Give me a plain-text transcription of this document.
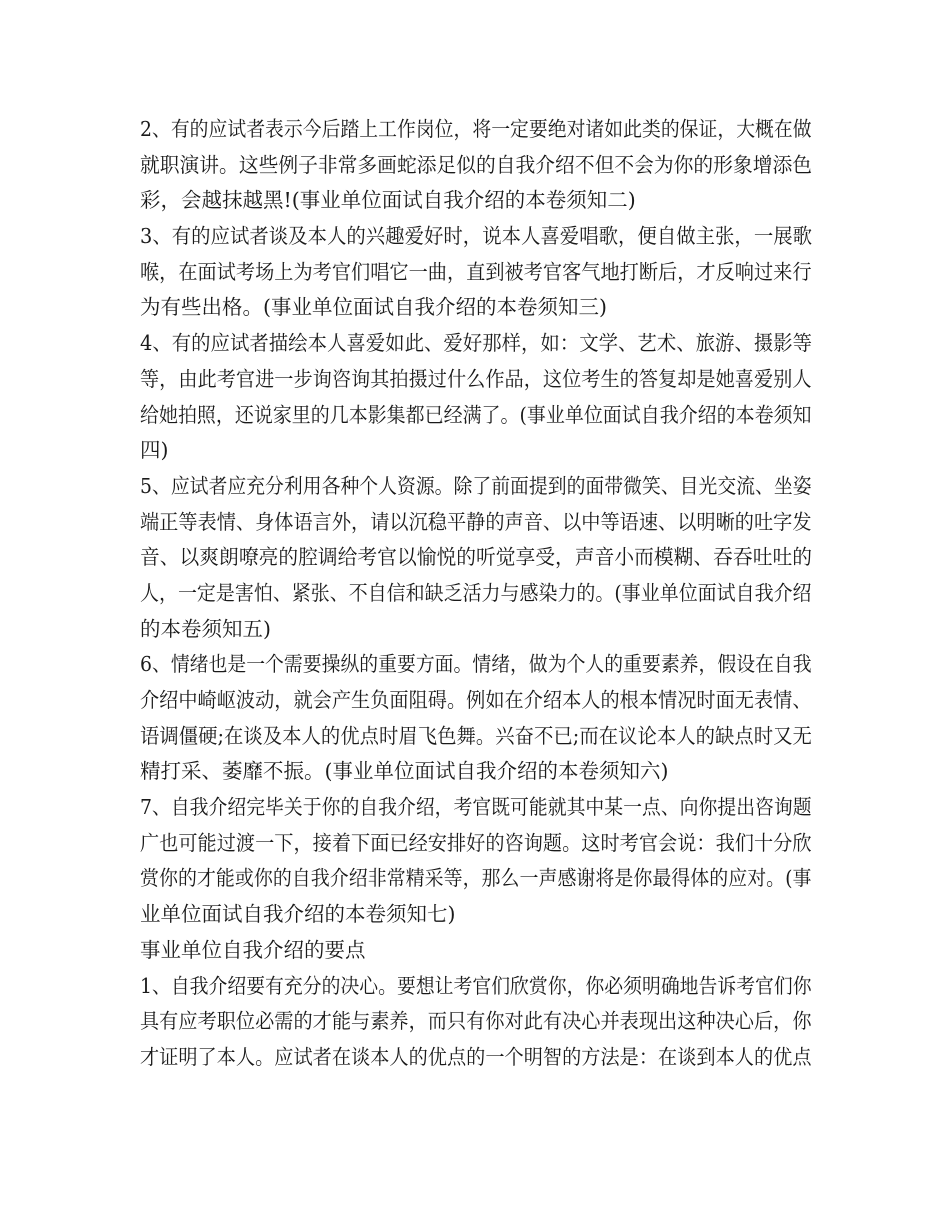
2、有的应试者表示今后踏上工作岗位，将一定要绝对诸如此类的保证，大概在做
就职演讲。这些例子非常多画蛇添足似的自我介绍不但不会为你的形象增添色
彩，会越抹越黑!(事业单位面试自我介绍的本卷须知二)
3、有的应试者谈及本人的兴趣爱好时，说本人喜爱唱歌，便自做主张，一展歌
喉，在面试考场上为考官们唱它一曲，直到被考官客气地打断后，才反响过来行
为有些出格。(事业单位面试自我介绍的本卷须知三)
4、有的应试者描绘本人喜爱如此、爱好那样，如：文学、艺术、旅游、摄影等
等，由此考官进一步询咨询其拍摄过什么作品，这位考生的答复却是她喜爱别人
给她拍照，还说家里的几本影集都已经满了。(事业单位面试自我介绍的本卷须知
四)
5、应试者应充分利用各种个人资源。除了前面提到的面带微笑、目光交流、坐姿
端正等表情、身体语言外，请以沉稳平静的声音、以中等语速、以明晰的吐字发
音、以爽朗嘹亮的腔调给考官以愉悦的听觉享受，声音小而模糊、吞吞吐吐的
人，一定是害怕、紧张、不自信和缺乏活力与感染力的。(事业单位面试自我介绍
的本卷须知五)
6、情绪也是一个需要操纵的重要方面。情绪，做为个人的重要素养，假设在自我
介绍中崎岖波动，就会产生负面阻碍。例如在介绍本人的根本情况时面无表情、
语调僵硬;在谈及本人的优点时眉飞色舞。兴奋不已;而在议论本人的缺点时又无
精打采、萎靡不振。(事业单位面试自我介绍的本卷须知六)
7、自我介绍完毕关于你的自我介绍，考官既可能就其中某一点、向你提出咨询题
广也可能过渡一下，接着下面已经安排好的咨询题。这时考官会说：我们十分欣
赏你的才能或你的自我介绍非常精采等，那么一声感谢将是你最得体的应对。(事
业单位面试自我介绍的本卷须知七)
事业单位自我介绍的要点
1、自我介绍要有充分的决心。要想让考官们欣赏你，你必须明确地告诉考官们你
具有应考职位必需的才能与素养，而只有你对此有决心并表现出这种决心后，你
才证明了本人。应试者在谈本人的优点的一个明智的方法是：在谈到本人的优点
